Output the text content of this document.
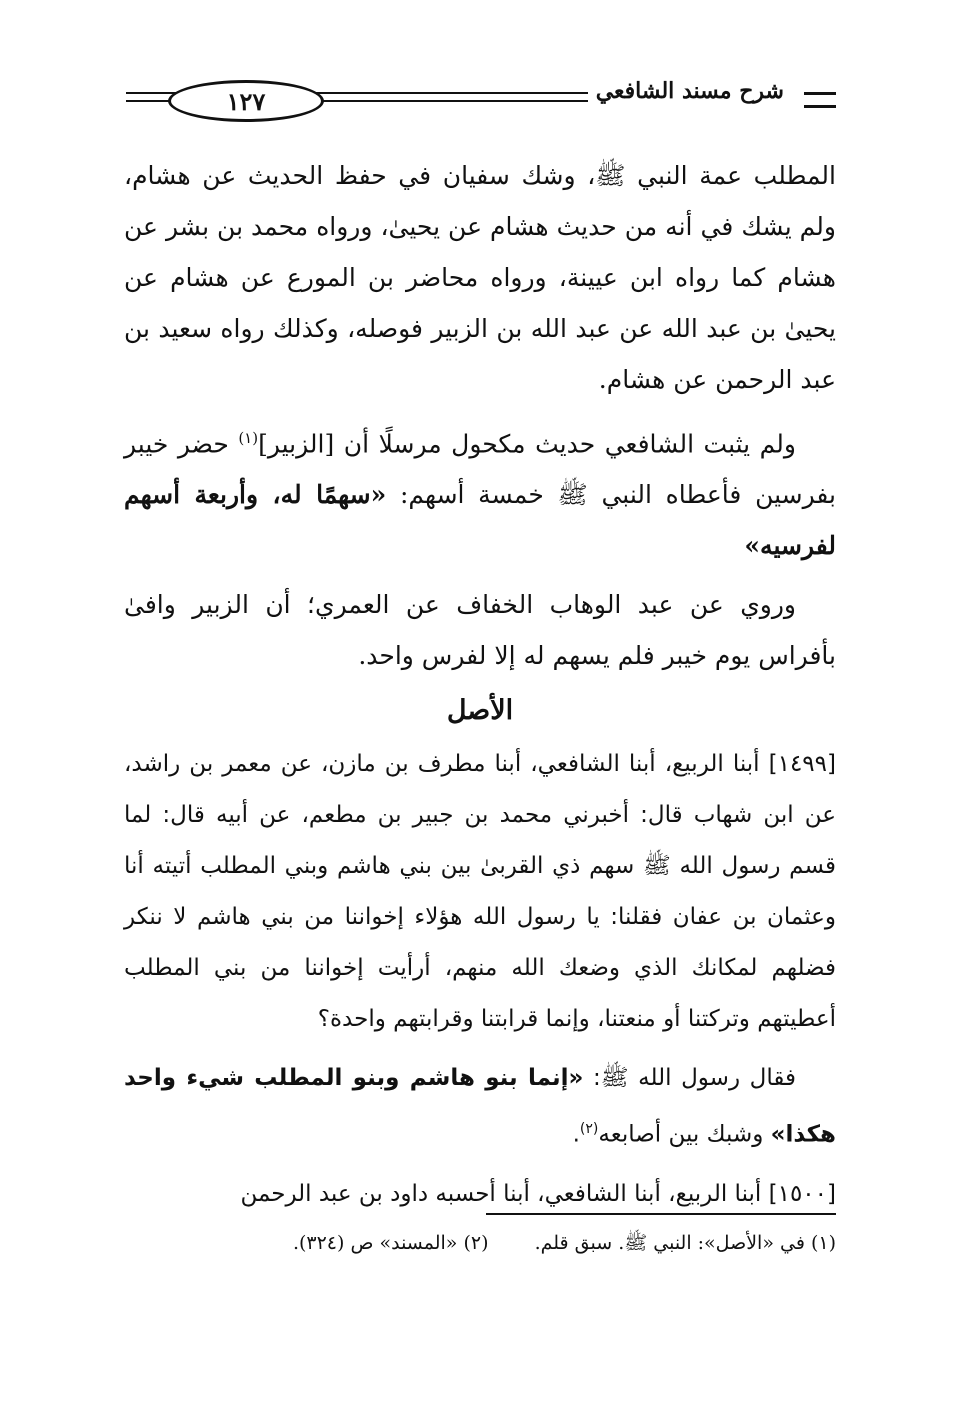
١٢٧	شرح مسند الشافعي

المطلب عمة النبي ﷺ، وشك سفيان في حفظ الحديث عن هشام، ولم يشك في أنه من حديث هشام عن يحيىٰ، ورواه محمد بن بشر عن هشام كما رواه ابن عيينة، ورواه محاضر بن المورع عن هشام عن يحيىٰ بن عبد الله عن عبد الله بن الزبير فوصله، وكذلك رواه سعيد بن عبد الرحمن عن هشام.

ولم يثبت الشافعي حديث مكحول مرسلًا أن [الزبير]$^{(١)}$ حضر خيبر بفرسين فأعطاه النبي ﷺ خمسة أسهم: «سهمًا له، وأربعة أسهم لفرسيه»

وروي عن عبد الوهاب الخفاف عن العمري؛ أن الزبير وافىٰ بأفراس يوم خيبر فلم يسهم له إلا لفرس واحد.

الأصل

[١٤٩٩] أبنا الربيع، أبنا الشافعي، أبنا مطرف بن مازن، عن معمر بن راشد، عن ابن شهاب قال: أخبرني محمد بن جبير بن مطعم، عن أبيه قال: لما قسم رسول الله ﷺ سهم ذي القربىٰ بين بني هاشم وبني المطلب أتيته أنا وعثمان بن عفان فقلنا: يا رسول الله هؤلاء إخواننا من بني هاشم لا ننكر فضلهم لمكانك الذي وضعك الله منهم، أرأيت إخواننا من بني المطلب أعطيتهم وتركتنا أو منعتنا، وإنما قرابتنا وقرابتهم واحدة؟

فقال رسول الله ﷺ: «إنما بنو هاشم وبنو المطلب شيء واحد هكذا» وشبك بين أصابعه$^{(٢)}$.

[١٥٠٠] أبنا الربيع، أبنا الشافعي، أبنا أحسبه داود بن عبد الرحمن

(١) في «الأصل»: النبي ﷺ. سبق قلم. (٢) «المسند» ص (٣٢٤).
